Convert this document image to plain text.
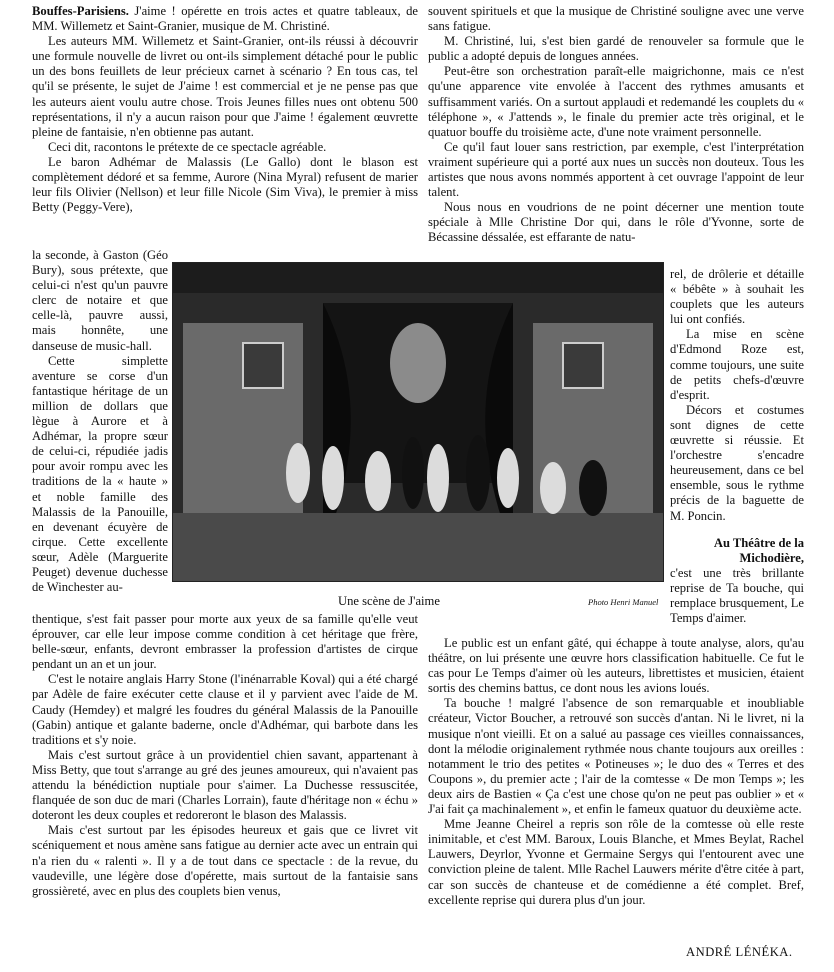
Bouffes-Parisiens. J'aime ! opérette en trois actes et quatre tableaux, de MM. Willemetz et Saint-Granier, musique de M. Christiné.

Les auteurs MM. Willemetz et Saint-Granier, ont-ils réussi à découvrir une formule nouvelle de livret ou ont-ils simplement détaché pour le public un des bons feuillets de leur précieux carnet à scénario ? En tous cas, tel qu'il se présente, le sujet de J'aime ! est commercial et je ne pense pas que les auteurs aient voulu autre chose. Trois Jeunes filles nues ont obtenu 500 représentations, il n'y a aucun raison pour que J'aime ! également œuvrette pleine de fantaisie, n'en obtienne pas autant.

Ceci dit, racontons le prétexte de ce spectacle agréable.

Le baron Adhémar de Malassis (Le Gallo) dont le blason est complètement dédoré et sa femme, Aurore (Nina Myral) refusent de marier leur fils Olivier (Nellson) et leur fille Nicole (Sim Viva), le premier à miss Betty (Peggy-Vere),

la seconde, à Gaston (Géo Bury), sous prétexte, que celui-ci n'est qu'un pauvre clerc de notaire et que celle-là, pauvre aussi, mais honnête, une danseuse de music-hall.

Cette simplette aventure se corse d'un fantastique héritage de un million de dollars que lègue à Aurore et à Adhémar, la propre sœur de celui-ci, répudiée jadis pour avoir rompu avec les traditions de la « haute » et noble famille des Malassis de la Panouille, en devenant écuyère de cirque. Cette excellente sœur, Adèle (Marguerite Peuget) devenue duchesse de Winchester au-

souvent spirituels et que la musique de Christiné souligne avec une verve sans fatigue.

M. Christiné, lui, s'est bien gardé de renouveler sa formule que le public a adopté depuis de longues années.

Peut-être son orchestration paraît-elle maigrichonne, mais ce n'est qu'une apparence vite envolée à l'accent des rythmes amusants et suffisamment variés. On a surtout applaudi et redemandé les couplets du « téléphone », « J'attends », le finale du premier acte très original, et le quatuor bouffe du troisième acte, d'une note vraiment personnelle.

Ce qu'il faut louer sans restriction, par exemple, c'est l'interprétation vraiment supérieure qui a porté aux nues un succès non douteux. Tous les artistes que nous avons nommés apportent à cet ouvrage l'appoint de leur talent.

Nous nous en voudrions de ne point décerner une mention toute spéciale à Mlle Christine Dor qui, dans le rôle d'Yvonne, sorte de Bécassine déssalée, est effarante de natu-

rel, de drôlerie et détaille « bébête » à souhait les couplets que les auteurs lui ont confiés.

La mise en scène d'Edmond Roze est, comme toujours, une suite de petits chefs-d'œuvre d'esprit.

Décors et costumes sont dignes de cette œuvrette si réussie. Et l'orchestre s'encadre heureusement, dans ce bel ensemble, sous le rythme précis de la baguette de M. Poncin.

Au Théâtre de la Michodière,

c'est une très brillante reprise de Ta bouche, qui remplace brusquement, Le Temps d'aimer.

Une scène de J'aime	Photo Henri Manuel

thentique, s'est fait passer pour morte aux yeux de sa famille qu'elle veut éprouver, car elle leur impose comme condition à cet héritage que frère, belle-sœur, enfants, devront embrasser la profession d'artistes de cirque pendant un an et un jour.

C'est le notaire anglais Harry Stone (l'inénarrable Koval) qui a été chargé par Adèle de faire exécuter cette clause et il y parvient avec l'aide de M. Caudy (Hemdey) et malgré les foudres du général Malassis de la Panouille (Gabin) antique et galante baderne, oncle d'Adhémar, qui barbote dans les traditions et s'y noie.

Mais c'est surtout grâce à un providentiel chien savant, appartenant à Miss Betty, que tout s'arrange au gré des jeunes amoureux, qui n'avaient pas attendu la bénédiction nuptiale pour s'aimer. La Duchesse ressuscitée, flanquée de son duc de mari (Charles Lorrain), faute d'héritage non « échu » doteront les deux couples et redoreront le blason des Malassis.

Mais c'est surtout par les épisodes heureux et gais que ce livret vit scéniquement et nous amène sans fatigue au dernier acte avec un entrain qui n'a rien du « ralenti ». Il y a de tout dans ce spectacle : de la revue, du vaudeville, une légère dose d'opérette, mais surtout de la fantaisie sans grossièreté, avec en plus des couplets bien venus,

Le public est un enfant gâté, qui échappe à toute analyse, alors, qu'au théâtre, on lui présente une œuvre hors classification habituelle. Ce fut le cas pour Le Temps d'aimer où les auteurs, librettistes et musicien, étaient sortis des chemins battus, ce dont nous les avions loués.

Ta bouche ! malgré l'absence de son remarquable et inoubliable créateur, Victor Boucher, a retrouvé son succès d'antan. Ni le livret, ni la musique n'ont vieilli. Et on a salué au passage ces vieilles connaissances, dont la mélodie originalement rythmée nous chante toujours aux oreilles : notamment le trio des petites « Potineuses »; le duo des « Terres et des Coupons », du premier acte ; l'air de la comtesse « De mon Temps »; les deux airs de Bastien « Ça c'est une chose qu'on ne peut pas oublier » et « J'ai fait ça machinalement », et enfin le fameux quatuor du deuxième acte.

Mme Jeanne Cheirel a repris son rôle de la comtesse où elle reste inimitable, et c'est MM. Baroux, Louis Blanche, et Mmes Beylat, Rachel Lauwers, Deyrlor, Yvonne et Germaine Sergys qui l'entourent avec une conviction pleine de talent. Mlle Rachel Lauwers mérite d'être citée à part, car son succès de chanteuse et de comédienne a été complet. Bref, excellente reprise qui durera plus d'un jour.

ANDRÉ LÉNÉKA.
